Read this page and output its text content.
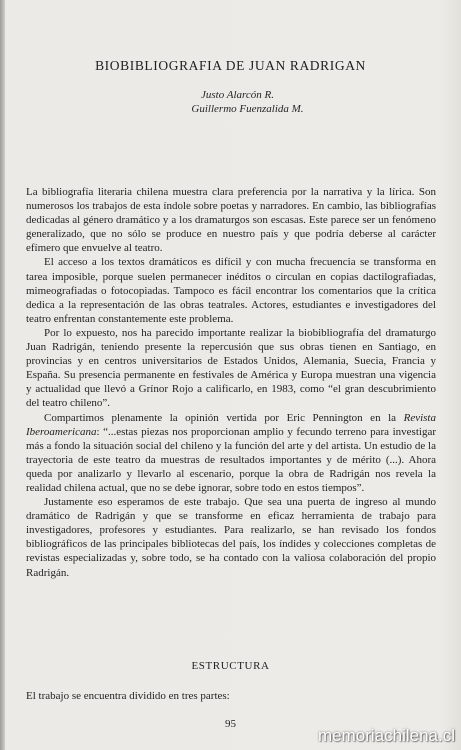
BIOBIBLIOGRAFIA DE JUAN RADRIGAN
Justo Alarcón R.
Guillermo Fuenzalida M.

La bibliografía literaria chilena muestra clara preferencia por la narrativa y la lírica. Son numerosos los trabajos de esta índole sobre poetas y narradores. En cambio, las bibliografías dedicadas al género dramático y a los dramaturgos son escasas. Este parece ser un fenómeno generalizado, que no sólo se produce en nuestro país y que podría deberse al carácter efímero que envuelve al teatro.

El acceso a los textos dramáticos es difícil y con mucha frecuencia se transforma en tarea imposible, porque suelen permanecer inéditos o circulan en copias dactilografiadas, mimeografiadas o fotocopiadas. Tampoco es fácil encontrar los comentarios que la crítica dedica a la representación de las obras teatrales. Actores, estudiantes e investigadores del teatro enfrentan constantemente este problema.

Por lo expuesto, nos ha parecido importante realizar la biobibliografía del dramaturgo Juan Radrigán, teniendo presente la repercusión que sus obras tienen en Santiago, en provincias y en centros universitarios de Estados Unidos, Alemania, Suecia, Francia y España. Su presencia permanente en festivales de América y Europa muestran una vigencia y actualidad que llevó a Grínor Rojo a calificarlo, en 1983, como “el gran descubrimiento del teatro chileno”.

Compartimos plenamente la opinión vertida por Eric Pennington en la Revista Iberoamericana: “...estas piezas nos proporcionan amplio y fecundo terreno para investigar más a fondo la situación social del chileno y la función del arte y del artista. Un estudio de la trayectoria de este teatro da muestras de resultados importantes y de mérito (...). Ahora queda por analizarlo y llevarlo al escenario, porque la obra de Radrigán nos revela la realidad chilena actual, que no se debe ignorar, sobre todo en estos tiempos”.

Justamente eso esperamos de este trabajo. Que sea una puerta de ingreso al mundo dramático de Radrigán y que se transforme en eficaz herramienta de trabajo para investigadores, profesores y estudiantes. Para realizarlo, se han revisado los fondos bibliográficos de las principales bibliotecas del país, los índides y colecciones completas de revistas especializadas y, sobre todo, se ha contado con la valiosa colaboración del propio Radrigán.

ESTRUCTURA
El trabajo se encuentra dividido en tres partes:
95
memoriachilena.cl
